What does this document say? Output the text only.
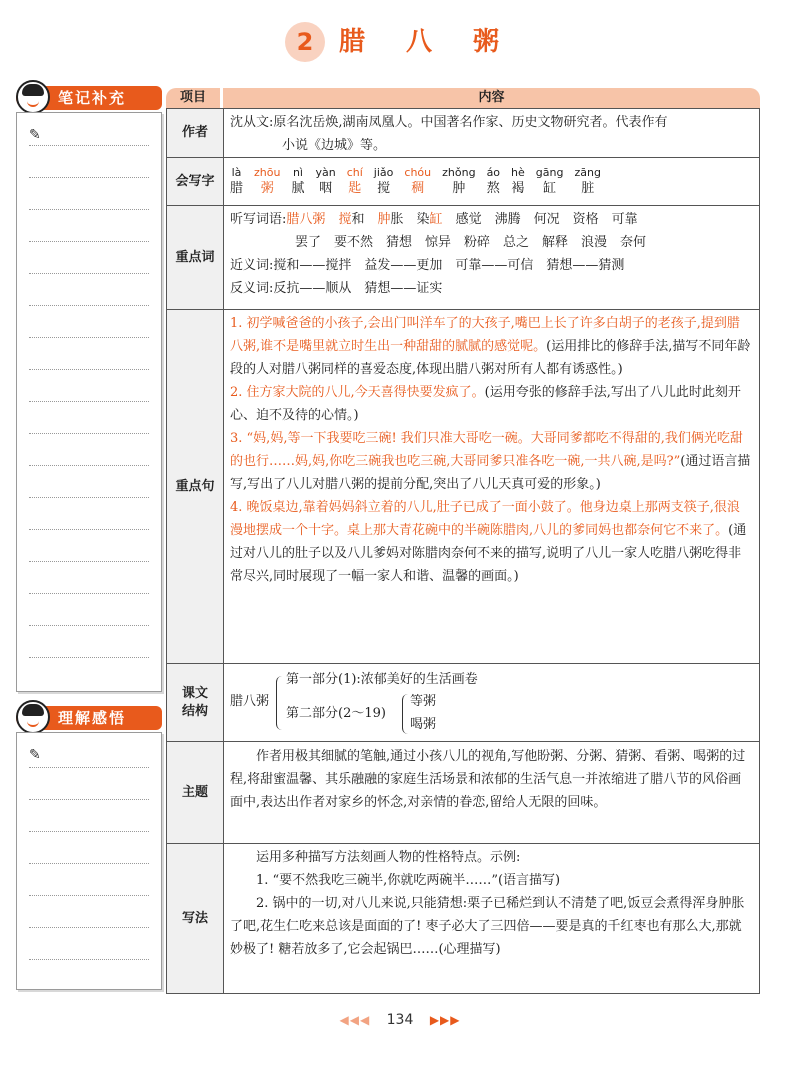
2 腊 八 粥
笔记补充
✎
理解感悟
✎
项目	内容
作者
沈从文:原名沈岳焕,湖南凤凰人。中国著名作家、历史文物研究者。代表作有
小说《边城》等。
会写字
là
腊
zhōu
粥
nì
腻
yàn
咽
chí
匙
jiǎo
搅
chóu
稠
zhǒng
肿
áo
熬
hè
褐
gāng
缸
zāng
脏
重点词
听写词语:腊八粥　 搅和　 肿胀　 染缸　 感觉　沸腾　何况　资格　可靠
罢了　要不然　猜想　惊异　粉碎　总之　解释　浪漫　奈何
近义词:搅和——搅拌　益发——更加　可靠——可信　猜想——猜测
反义词:反抗——顺从　猜想——证实
重点句
1. 初学喊爸爸的小孩子,会出门叫洋车了的大孩子,嘴巴上长了许多白胡子的老孩子,提到腊八粥,谁不是嘴里就立时生出一种甜甜的腻腻的感觉呢。(运用排比的修辞手法,描写不同年龄段的人对腊八粥同样的喜爱态度,体现出腊八粥对所有人都有诱惑性。)
2. 住方家大院的八儿,今天喜得快要发疯了。(运用夸张的修辞手法,写出了八儿此时此刻开心、迫不及待的心情。)
3. “妈,妈,等一下我要吃三碗! 我们只准大哥吃一碗。大哥同爹都吃不得甜的,我们俩光吃甜的也行……妈,妈,你吃三碗我也吃三碗,大哥同爹只准各吃一碗,一共八碗,是吗?”(通过语言描写,写出了八儿对腊八粥的提前分配,突出了八儿天真可爱的形象。)
4. 晚饭桌边,靠着妈妈斜立着的八儿,肚子已成了一面小鼓了。他身边桌上那两支筷子,很浪漫地摆成一个十字。桌上那大青花碗中的半碗陈腊肉,八儿的爹同妈也都奈何它不来了。(通过对八儿的肚子以及八儿爹妈对陈腊肉奈何不来的描写,说明了八儿一家人吃腊八粥吃得非常尽兴,同时展现了一幅一家人和谐、温馨的画面。)
课文
结构
腊八粥
第一部分(1):浓郁美好的生活画卷
第二部分(2～19)
等粥
喝粥
主题
作者用极其细腻的笔触,通过小孩八儿的视角,写他盼粥、分粥、猜粥、看粥、喝粥的过程,将甜蜜温馨、其乐融融的家庭生活场景和浓郁的生活气息一并浓缩进了腊八节的风俗画面中,表达出作者对家乡的怀念,对亲情的眷恋,留给人无限的回味。
写法
运用多种描写方法刻画人物的性格特点。示例:
1. “要不然我吃三碗半,你就吃两碗半……”(语言描写)
2. 锅中的一切,对八儿来说,只能猜想:栗子已稀烂到认不清楚了吧,饭豆会煮得浑身肿胀了吧,花生仁吃来总该是面面的了! 枣子必大了三四倍——要是真的千红枣也有那么大,那就妙极了! 糖若放多了,它会起锅巴……(心理描写)
◀◀◀ 134 ▶▶▶
